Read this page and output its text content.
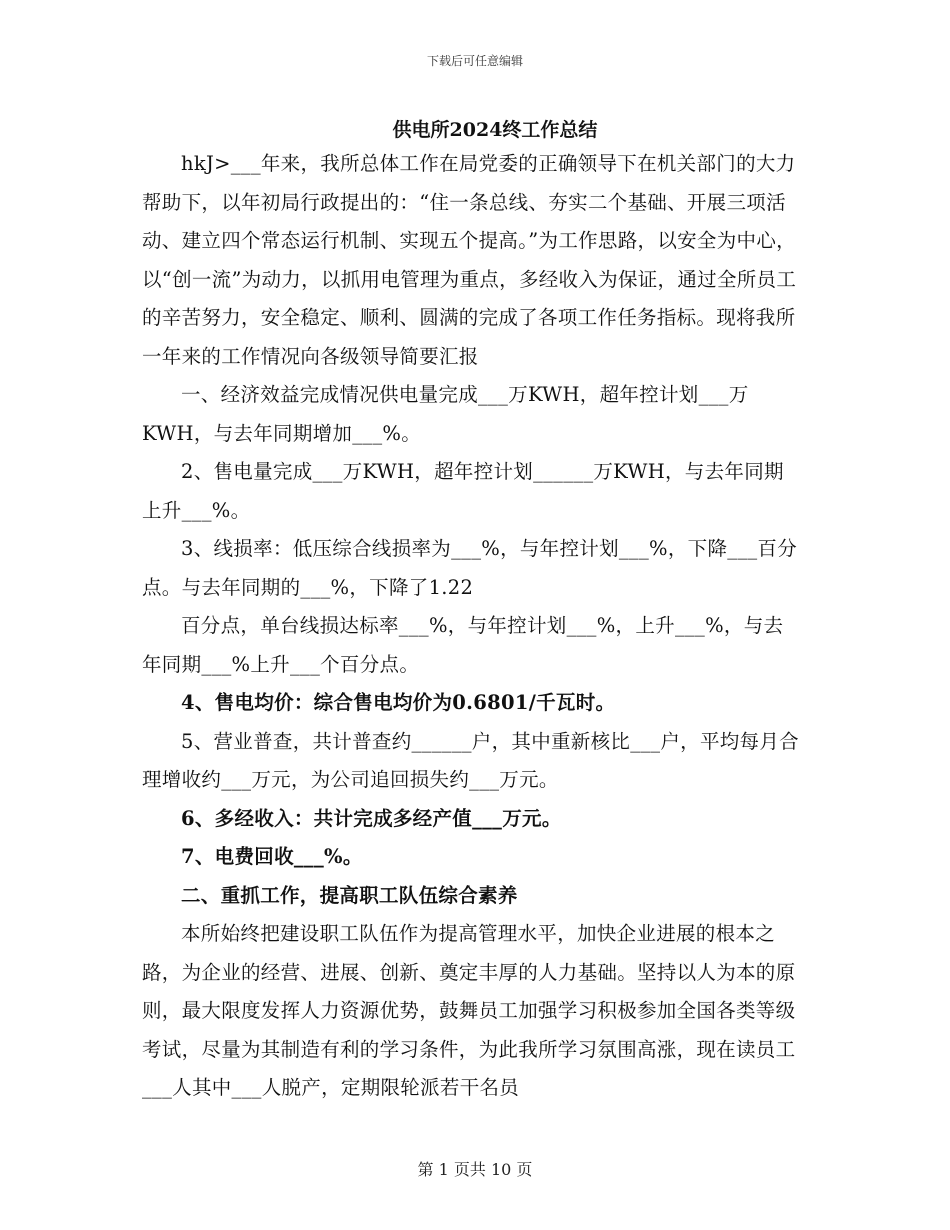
下载后可任意编辑
供电所2024终工作总结

hkJ>___年来，我所总体工作在局党委的正确领导下在机关部门的大力帮助下，以年初局行政提出的：“住一条总线、夯实二个基础、开展三项活动、建立四个常态运行机制、实现五个提高。”为工作思路，以安全为中心，以“创一流”为动力，以抓用电管理为重点，多经收入为保证，通过全所员工的辛苦努力，安全稳定、顺利、圆满的完成了各项工作任务指标。现将我所一年来的工作情况向各级领导简要汇报

一、经济效益完成情况供电量完成___万KWH，超年控计划___万KWH，与去年同期增加___%。

2、售电量完成___万KWH，超年控计划______万KWH，与去年同期上升___%。

3、线损率：低压综合线损率为___%，与年控计划___%，下降___百分点。与去年同期的___%，下降了1.22

百分点，单台线损达标率___%，与年控计划___%，上升___%，与去年同期___%上升___个百分点。

4、售电均价：综合售电均价为0.6801/千瓦时。

5、营业普查，共计普查约______户，其中重新核比___户，平均每月合理增收约___万元，为公司追回损失约___万元。

6、多经收入：共计完成多经产值___万元。

7、电费回收___%。

二、重抓工作，提高职工队伍综合素养

本所始终把建设职工队伍作为提高管理水平，加快企业进展的根本之路，为企业的经营、进展、创新、奠定丰厚的人力基础。坚持以人为本的原则，最大限度发挥人力资源优势，鼓舞员工加强学习积极参加全国各类等级考试，尽量为其制造有利的学习条件，为此我所学习氛围高涨，现在读员工___人其中___人脱产，定期限轮派若干名员

第 1 页共 10 页
